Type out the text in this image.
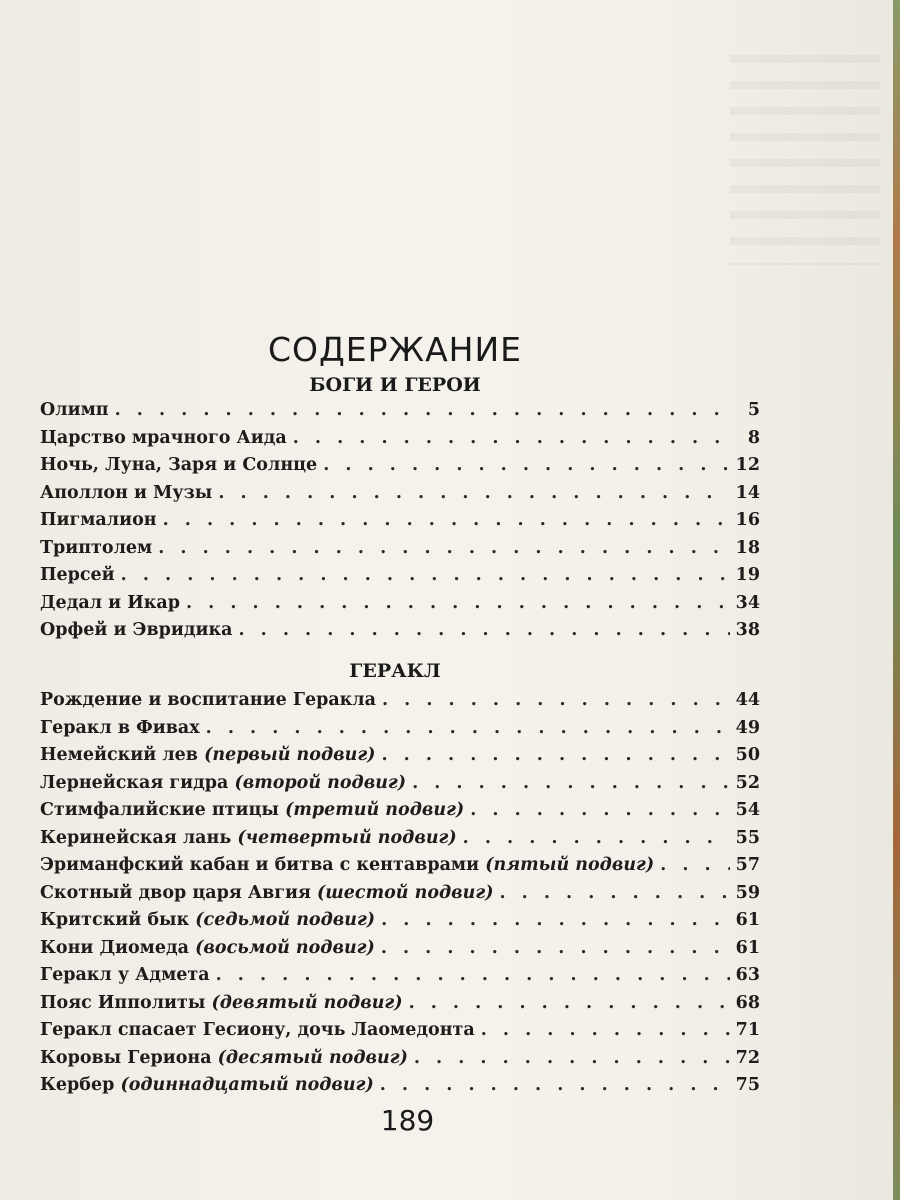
СОДЕРЖАНИЕ
БОГИ И ГЕРОИ
Олимп . . .	5
Царство мрачного Аида . . .	8
Ночь, Луна, Заря и Солнце . . .	12
Аполлон и Музы . . .	14
Пигмалион . . .	16
Триптолем . . .	18
Персей . . .	19
Дедал и Икар . . .	34
Орфей и Эвридика . . .	38
ГЕРАКЛ
Рождение и воспитание Геракла . . .	44
Геракл в Фивах . . .	49
Немейский лев (первый подвиг) . . .	50
Лернейская гидра (второй подвиг) . . .	52
Стимфалийские птицы (третий подвиг) . . .	54
Керинейская лань (четвертый подвиг) . . .	55
Эриманфский кабан и битва с кентаврами (пятый подвиг) . . .	57
Скотный двор царя Авгия (шестой подвиг) . . .	59
Критский бык (седьмой подвиг) . . .	61
Кони Диомеда (восьмой подвиг) . . .	61
Геракл у Адмета . . .	63
Пояс Ипполиты (девятый подвиг) . . .	68
Геракл спасает Гесиону, дочь Лаомедонта . . .	71
Коровы Гериона (десятый подвиг) . . .	72
Кербер (одиннадцатый подвиг) . . .	75
189
